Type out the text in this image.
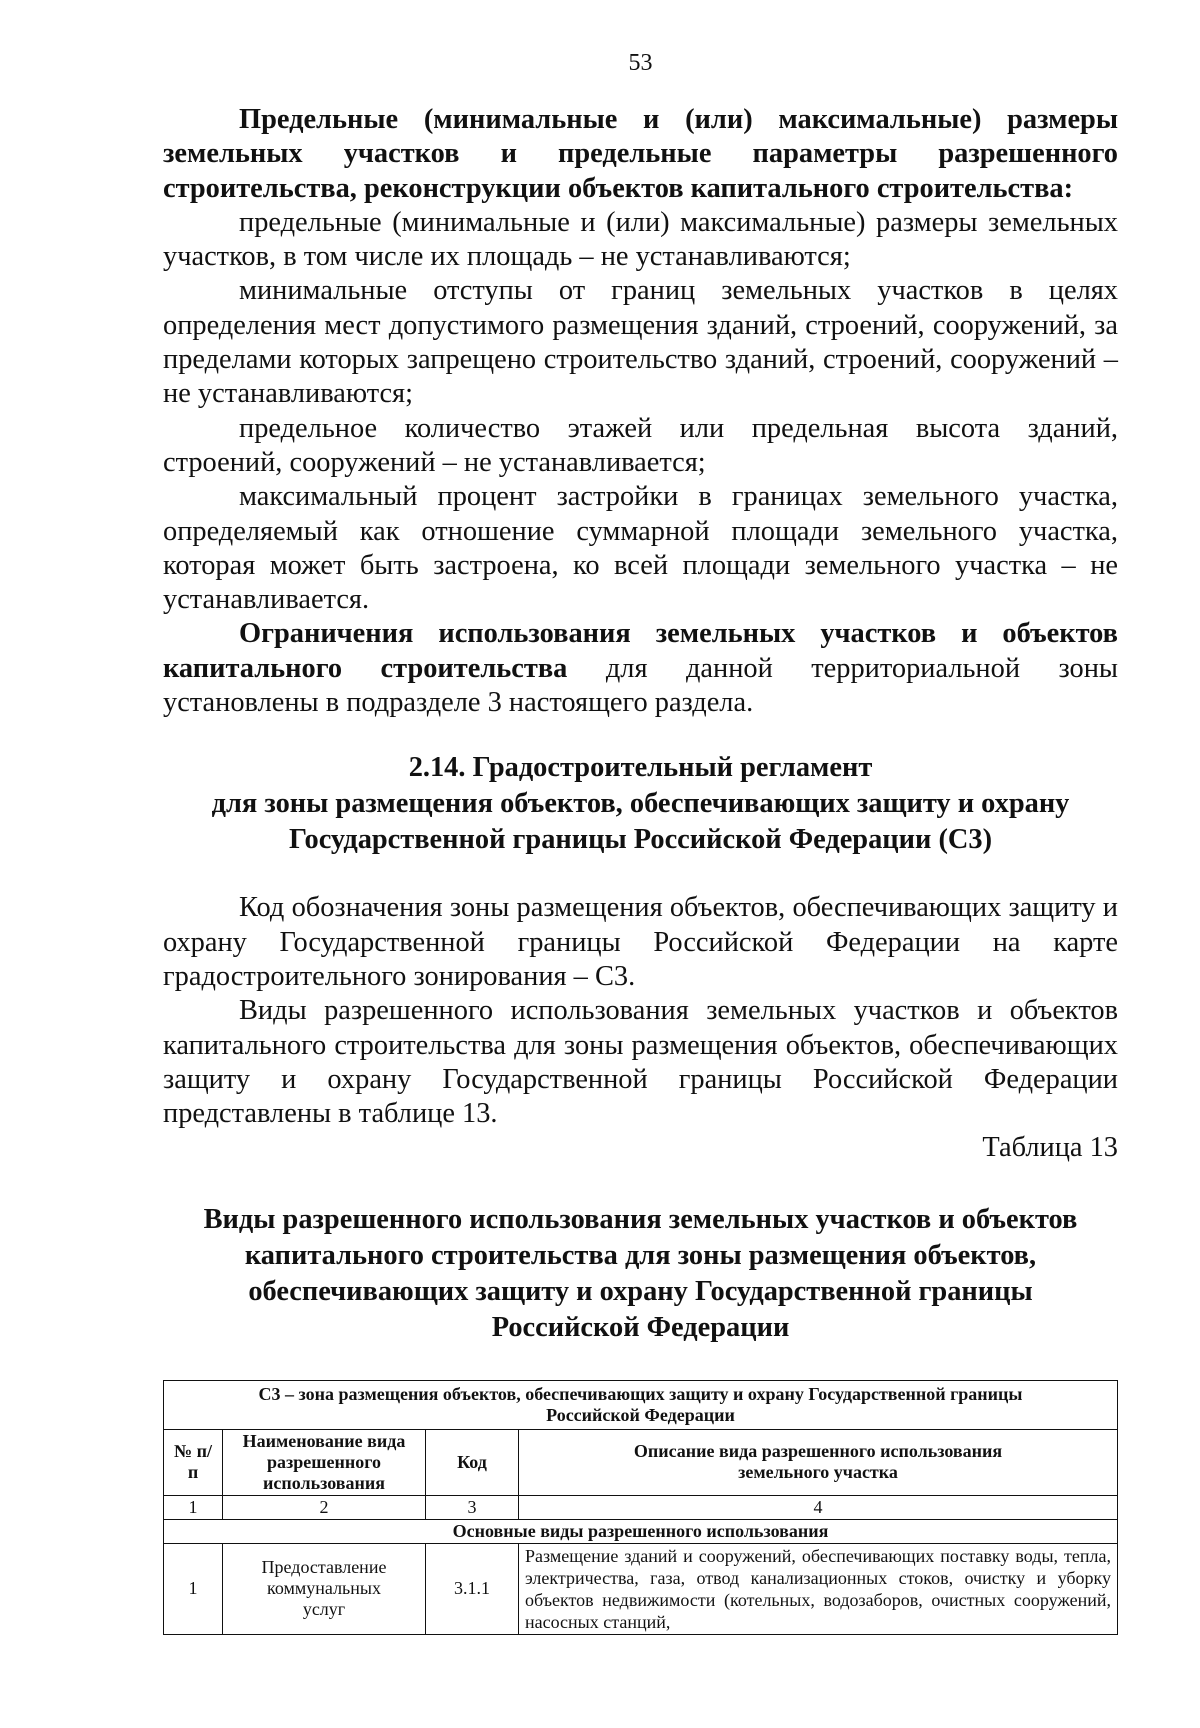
53

Предельные (минимальные и (или) максимальные) размеры земельных участков и предельные параметры разрешенного строительства, реконструкции объектов капитального строительства:

предельные (минимальные и (или) максимальные) размеры земельных участков, в том числе их площадь – не устанавливаются;

минимальные отступы от границ земельных участков в целях определения мест допустимого размещения зданий, строений, сооружений, за пределами которых запрещено строительство зданий, строений, сооружений – не устанавливаются;

предельное количество этажей или предельная высота зданий, строений, сооружений – не устанавливается;

максимальный процент застройки в границах земельного участка, определяемый как отношение суммарной площади земельного участка, которая может быть застроена, ко всей площади земельного участка – не устанавливается.

Ограничения использования земельных участков и объектов капитального строительства для данной территориальной зоны установлены в подразделе 3 настоящего раздела.

2.14. Градостроительный регламент
для зоны размещения объектов, обеспечивающих защиту и охрану
Государственной границы Российской Федерации (С3)

Код обозначения зоны размещения объектов, обеспечивающих защиту и охрану Государственной границы Российской Федерации на карте градостроительного зонирования – С3.

Виды разрешенного использования земельных участков и объектов капитального строительства для зоны размещения объектов, обеспечивающих защиту и охрану Государственной границы Российской Федерации представлены в таблице 13.

Таблица 13

Виды разрешенного использования земельных участков и объектов
капитального строительства для зоны размещения объектов,
обеспечивающих защиту и охрану Государственной границы
Российской Федерации
С3 – зона размещения объектов, обеспечивающих защиту и охрану Государственной границы Российской Федерации			
№ п/п	Наименование вида разрешенного использования	Код	Описание вида разрешенного использования земельного участка
1	2	3	4
Основные виды разрешенного использования			
1	Предоставление коммунальных услуг	3.1.1	Размещение зданий и сооружений, обеспечивающих поставку воды, тепла, электричества, газа, отвод канализационных стоков, очистку и уборку объектов недвижимости (котельных, водозаборов, очистных сооружений, насосных станций,
